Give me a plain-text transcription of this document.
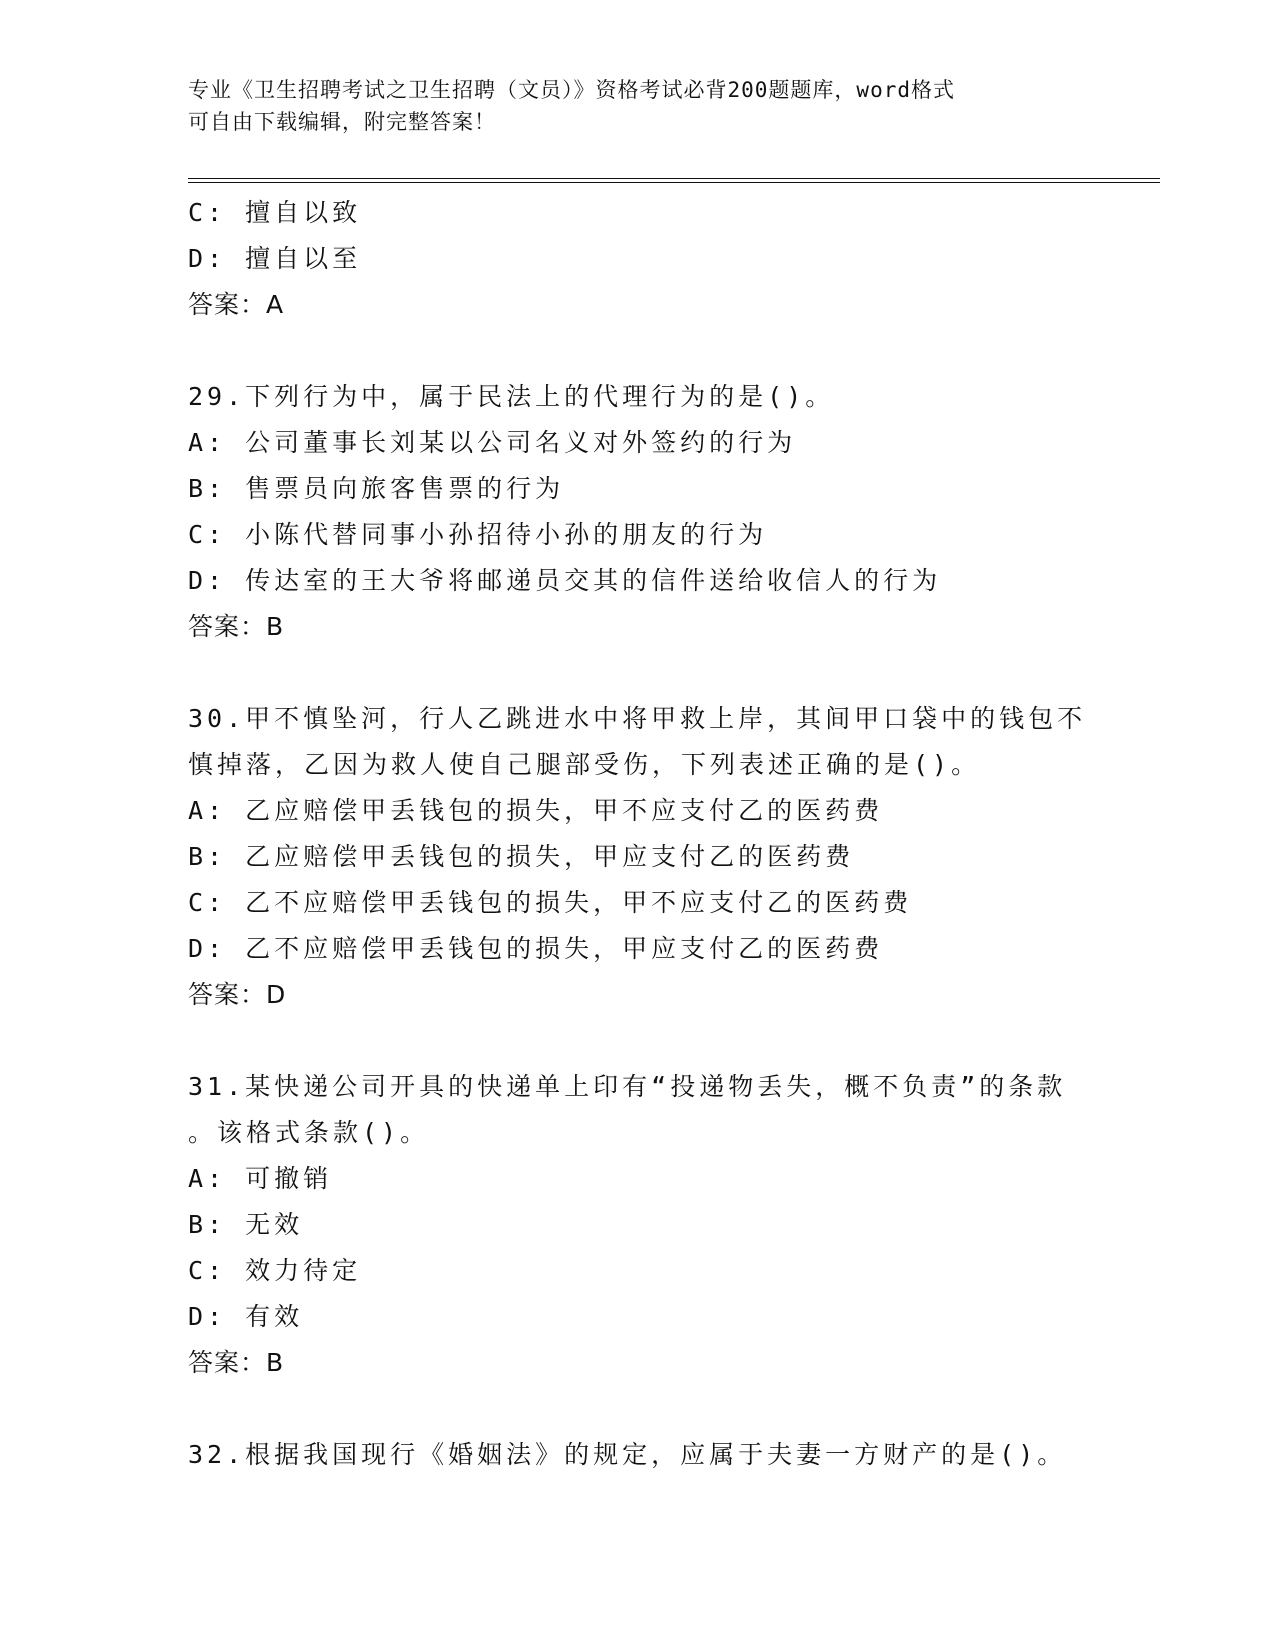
专业《卫生招聘考试之卫生招聘（文员）》资格考试必背200题题库，word格式
可自由下载编辑，附完整答案！
C: 擅自以致
D: 擅自以至
答案：A
29.下列行为中，属于民法上的代理行为的是()。
A: 公司董事长刘某以公司名义对外签约的行为
B: 售票员向旅客售票的行为
C: 小陈代替同事小孙招待小孙的朋友的行为
D: 传达室的王大爷将邮递员交其的信件送给收信人的行为
答案：B
30.甲不慎坠河，行人乙跳进水中将甲救上岸，其间甲口袋中的钱包不
慎掉落，乙因为救人使自己腿部受伤，下列表述正确的是()。
A: 乙应赔偿甲丢钱包的损失，甲不应支付乙的医药费
B: 乙应赔偿甲丢钱包的损失，甲应支付乙的医药费
C: 乙不应赔偿甲丢钱包的损失，甲不应支付乙的医药费
D: 乙不应赔偿甲丢钱包的损失，甲应支付乙的医药费
答案：D
31.某快递公司开具的快递单上印有“投递物丢失，概不负责”的条款
。该格式条款()。
A: 可撤销
B: 无效
C: 效力待定
D: 有效
答案：B
32.根据我国现行《婚姻法》的规定，应属于夫妻一方财产的是()。
